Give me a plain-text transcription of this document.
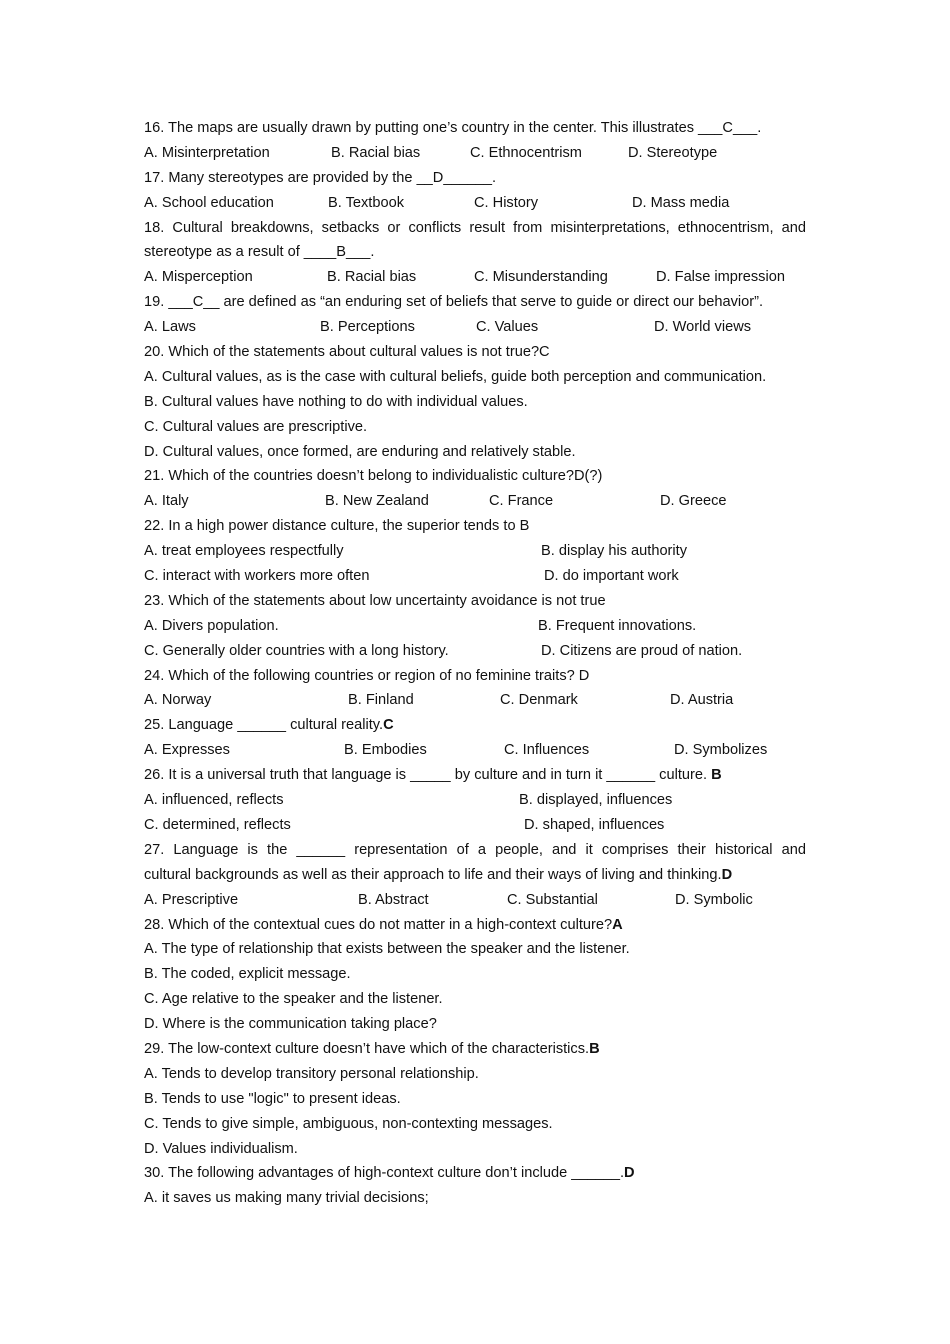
16. The maps are usually drawn by putting one’s country in the center. This illustrates ___C___.
A. Misinterpretation	B. Racial bias	C. Ethnocentrism	D. Stereotype
17. Many stereotypes are provided by the __D______.
A. School education	B. Textbook	C. History	D. Mass media
18. Cultural breakdowns, setbacks or conflicts result from misinterpretations, ethnocentrism, and
stereotype as a result of ____B___.
A. Misperception	B. Racial bias	C. Misunderstanding	D. False impression
19. ___C__ are defined as “an enduring set of beliefs that serve to guide or direct our behavior”.
A. Laws	B. Perceptions	C. Values	D. World views
20. Which of the statements about cultural values is not true?C
A. Cultural values, as is the case with cultural beliefs, guide both perception and communication.
B. Cultural values have nothing to do with individual values.
C. Cultural values are prescriptive.
D. Cultural values, once formed, are enduring and relatively stable.
21. Which of the countries doesn’t belong to individualistic culture?D(?)
A. Italy	B. New Zealand	C. France	D. Greece
22. In a high power distance culture, the superior tends to B
A. treat employees respectfully	B. display his authority
C. interact with workers more often	D. do important work
23. Which of the statements about low uncertainty avoidance is not true
A. Divers population.	B. Frequent innovations.
C. Generally older countries with a long history.	D. Citizens are proud of nation.
24. Which of the following countries or region of no feminine traits? D
A. Norway	B. Finland	C. Denmark	D. Austria
25. Language ______ cultural reality.C
A. Expresses	B. Embodies	C. Influences	D. Symbolizes
26. It is a universal truth that language is _____ by culture and in turn it ______ culture. B
A. influenced, reflects	B. displayed, influences
C. determined, reflects	D. shaped, influences
27. Language is the ______ representation of a people, and it comprises their historical and
cultural backgrounds as well as their approach to life and their ways of living and thinking.D
A. Prescriptive	B. Abstract	C. Substantial	D. Symbolic
28. Which of the contextual cues do not matter in a high-context culture?A
A. The type of relationship that exists between the speaker and the listener.
B. The coded, explicit message.
C. Age relative to the speaker and the listener.
D. Where is the communication taking place?
29. The low-context culture doesn’t have which of the characteristics.B
A. Tends to develop transitory personal relationship.
B. Tends to use "logic" to present ideas.
C. Tends to give simple, ambiguous, non-contexting messages.
D. Values individualism.
30. The following advantages of high-context culture don’t include ______.D
A. it saves us making many trivial decisions;
